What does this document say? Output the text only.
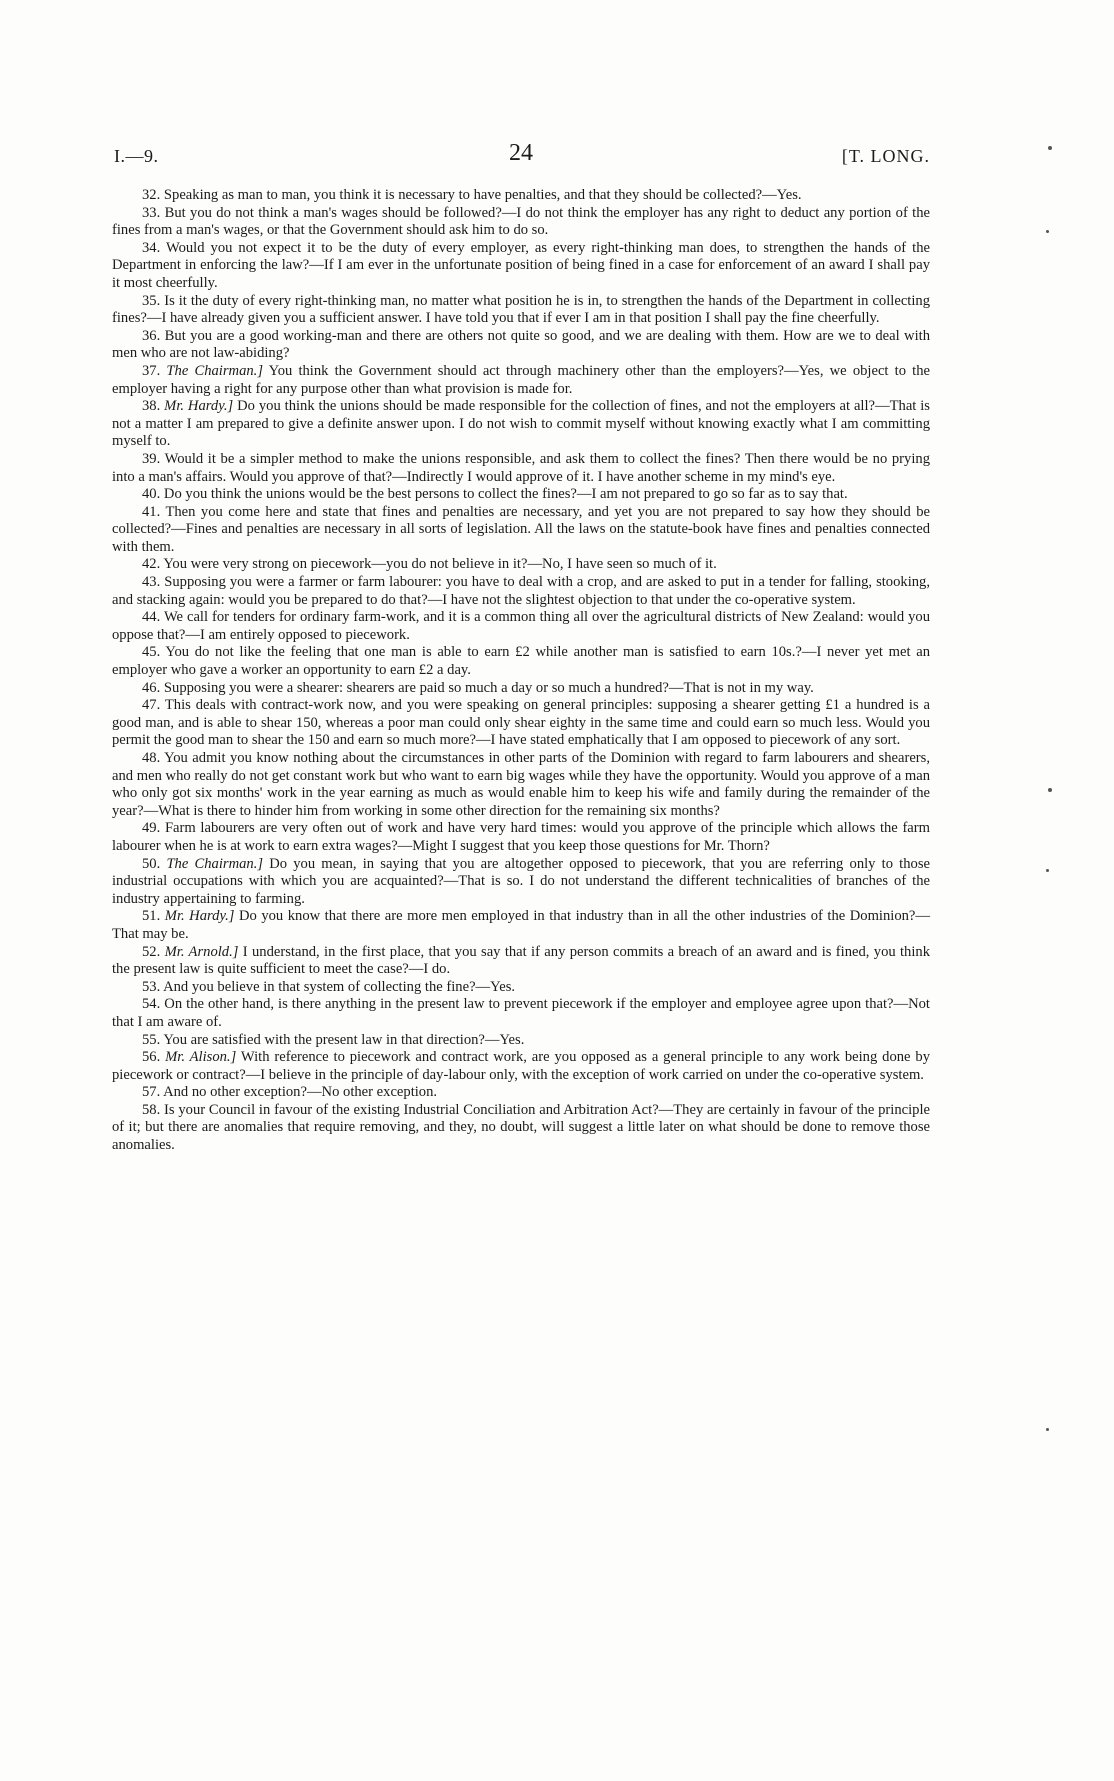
I.—9.	24	[T. LONG.

32. Speaking as man to man, you think it is necessary to have penalties, and that they should be collected?—Yes.

33. But you do not think a man's wages should be followed?—I do not think the employer has any right to deduct any portion of the fines from a man's wages, or that the Government should ask him to do so.

34. Would you not expect it to be the duty of every employer, as every right-thinking man does, to strengthen the hands of the Department in enforcing the law?—If I am ever in the unfortunate position of being fined in a case for enforcement of an award I shall pay it most cheerfully.

35. Is it the duty of every right-thinking man, no matter what position he is in, to strengthen the hands of the Department in collecting fines?—I have already given you a sufficient answer. I have told you that if ever I am in that position I shall pay the fine cheerfully.

36. But you are a good working-man and there are others not quite so good, and we are dealing with them. How are we to deal with men who are not law-abiding?

37. The Chairman.] You think the Government should act through machinery other than the employers?—Yes, we object to the employer having a right for any purpose other than what provision is made for.

38. Mr. Hardy.] Do you think the unions should be made responsible for the collection of fines, and not the employers at all?—That is not a matter I am prepared to give a definite answer upon. I do not wish to commit myself without knowing exactly what I am committing myself to.

39. Would it be a simpler method to make the unions responsible, and ask them to collect the fines? Then there would be no prying into a man's affairs. Would you approve of that?—Indirectly I would approve of it. I have another scheme in my mind's eye.

40. Do you think the unions would be the best persons to collect the fines?—I am not prepared to go so far as to say that.

41. Then you come here and state that fines and penalties are necessary, and yet you are not prepared to say how they should be collected?—Fines and penalties are necessary in all sorts of legislation. All the laws on the statute-book have fines and penalties connected with them.

42. You were very strong on piecework—you do not believe in it?—No, I have seen so much of it.

43. Supposing you were a farmer or farm labourer: you have to deal with a crop, and are asked to put in a tender for falling, stooking, and stacking again: would you be prepared to do that?—I have not the slightest objection to that under the co-operative system.

44. We call for tenders for ordinary farm-work, and it is a common thing all over the agricultural districts of New Zealand: would you oppose that?—I am entirely opposed to piecework.

45. You do not like the feeling that one man is able to earn £2 while another man is satisfied to earn 10s.?—I never yet met an employer who gave a worker an opportunity to earn £2 a day.

46. Supposing you were a shearer: shearers are paid so much a day or so much a hundred?—That is not in my way.

47. This deals with contract-work now, and you were speaking on general principles: supposing a shearer getting £1 a hundred is a good man, and is able to shear 150, whereas a poor man could only shear eighty in the same time and could earn so much less. Would you permit the good man to shear the 150 and earn so much more?—I have stated emphatically that I am opposed to piecework of any sort.

48. You admit you know nothing about the circumstances in other parts of the Dominion with regard to farm labourers and shearers, and men who really do not get constant work but who want to earn big wages while they have the opportunity. Would you approve of a man who only got six months' work in the year earning as much as would enable him to keep his wife and family during the remainder of the year?—What is there to hinder him from working in some other direction for the remaining six months?

49. Farm labourers are very often out of work and have very hard times: would you approve of the principle which allows the farm labourer when he is at work to earn extra wages?—Might I suggest that you keep those questions for Mr. Thorn?

50. The Chairman.] Do you mean, in saying that you are altogether opposed to piecework, that you are referring only to those industrial occupations with which you are acquainted?—That is so. I do not understand the different technicalities of branches of the industry appertaining to farming.

51. Mr. Hardy.] Do you know that there are more men employed in that industry than in all the other industries of the Dominion?—That may be.

52. Mr. Arnold.] I understand, in the first place, that you say that if any person commits a breach of an award and is fined, you think the present law is quite sufficient to meet the case?—I do.

53. And you believe in that system of collecting the fine?—Yes.

54. On the other hand, is there anything in the present law to prevent piecework if the employer and employee agree upon that?—Not that I am aware of.

55. You are satisfied with the present law in that direction?—Yes.

56. Mr. Alison.] With reference to piecework and contract work, are you opposed as a general principle to any work being done by piecework or contract?—I believe in the principle of day-labour only, with the exception of work carried on under the co-operative system.

57. And no other exception?—No other exception.

58. Is your Council in favour of the existing Industrial Conciliation and Arbitration Act?—They are certainly in favour of the principle of it; but there are anomalies that require removing, and they, no doubt, will suggest a little later on what should be done to remove those anomalies.
